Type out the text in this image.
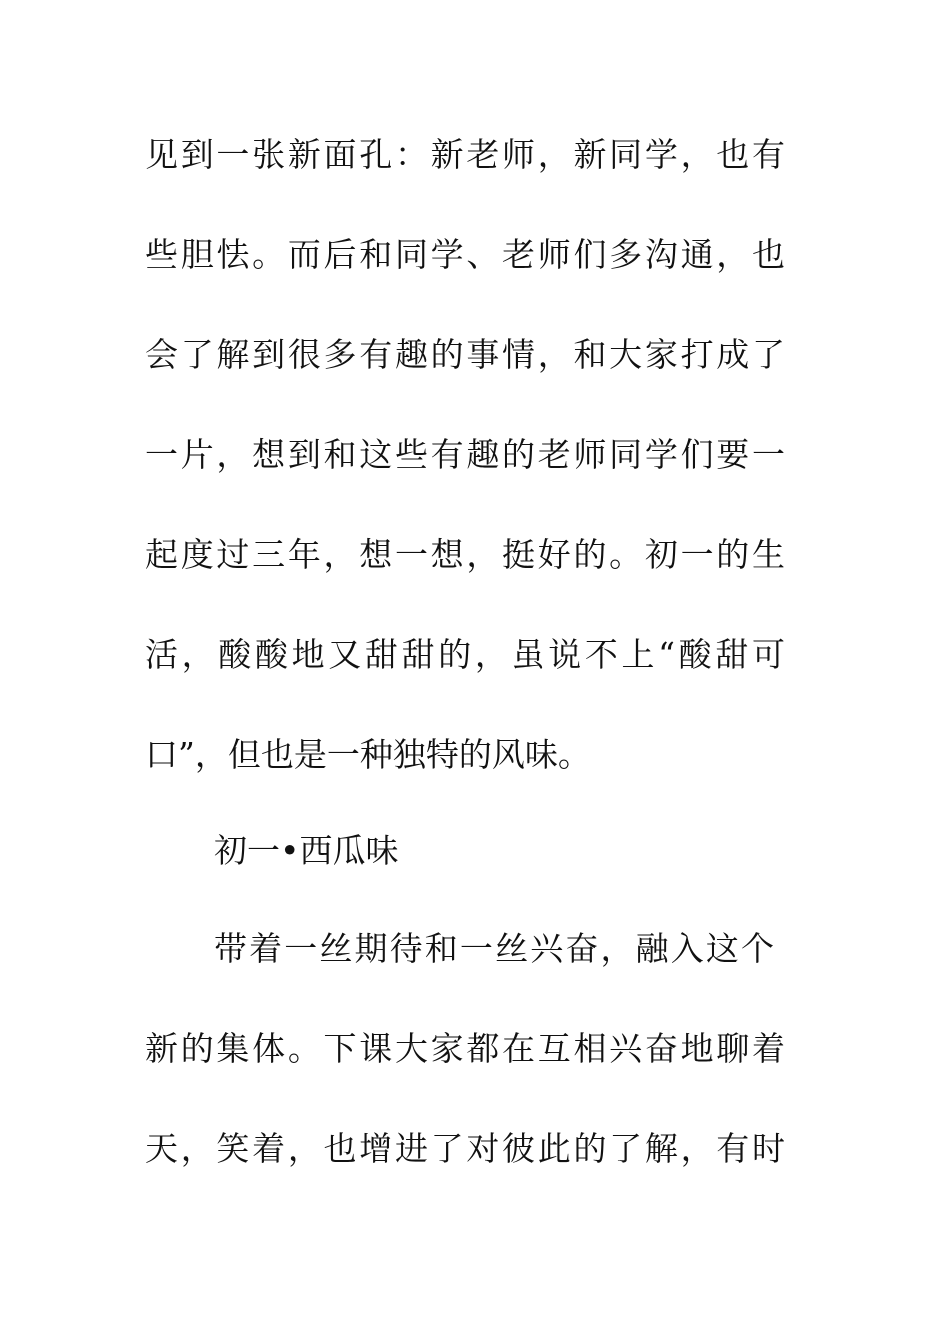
见到一张新面孔：新老师，新同学，也有
些胆怯。而后和同学、老师们多沟通，也
会了解到很多有趣的事情，和大家打成了
一片，想到和这些有趣的老师同学们要一
起度过三年，想一想，挺好的。初一的生
活，酸酸地又甜甜的，虽说不上“酸甜可
口”，但也是一种独特的风味。
初一•西瓜味
带着一丝期待和一丝兴奋，融入这个
新的集体。下课大家都在互相兴奋地聊着
天，笑着，也增进了对彼此的了解，有时
